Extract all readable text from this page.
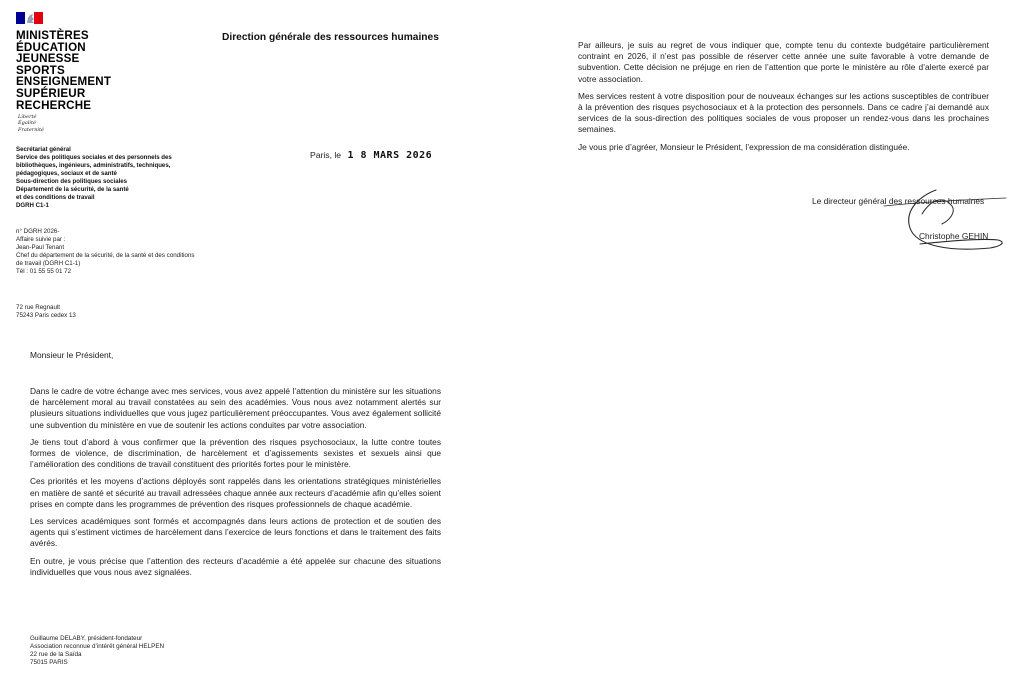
MINISTÈRES
ÉDUCATION
JEUNESSE
SPORTS
ENSEIGNEMENT
SUPÉRIEUR
RECHERCHE
Liberté
Égalité
Fraternité
Direction générale des ressources humaines
Secrétariat général
Service des politiques sociales et des personnels des
bibliothèques, ingénieurs, administratifs, techniques,
pédagogiques, sociaux et de santé
Sous-direction des politiques sociales
Département de la sécurité, de la santé
et des conditions de travail
DGRH C1-1
n° DGRH 2026-
Affaire suivie par :
Jean-Paul Tenant
Chef du département de la sécurité, de la santé et des conditions
de travail (DGRH C1-1)
Tél : 01 55 55 01 72
72 rue Regnault
75243 Paris cedex 13
Paris, le 1 8 MARS 2026
Monsieur le Président,

Dans le cadre de votre échange avec mes services, vous avez appelé l’attention du ministère sur les situations de harcèlement moral au travail constatées au sein des académies. Vous nous avez notamment alertés sur plusieurs situations individuelles que vous jugez particulièrement préoccupantes. Vous avez également sollicité une subvention du ministère en vue de soutenir les actions conduites par votre association.

Je tiens tout d’abord à vous confirmer que la prévention des risques psychosociaux, la lutte contre toutes formes de violence, de discrimination, de harcèlement et d’agissements sexistes et sexuels ainsi que l’amélioration des conditions de travail constituent des priorités fortes pour le ministère.

Ces priorités et les moyens d’actions déployés sont rappelés dans les orientations stratégiques ministérielles en matière de santé et sécurité au travail adressées chaque année aux recteurs d’académie afin qu’elles soient prises en compte dans les programmes de prévention des risques professionnels de chaque académie.

Les services académiques sont formés et accompagnés dans leurs actions de protection et de soutien des agents qui s’estiment victimes de harcèlement dans l’exercice de leurs fonctions et dans le traitement des faits avérés.

En outre, je vous précise que l’attention des recteurs d’académie a été appelée sur chacune des situations individuelles que vous nous avez signalées.

Par ailleurs, je suis au regret de vous indiquer que, compte tenu du contexte budgétaire particulièrement contraint en 2026, il n’est pas possible de réserver cette année une suite favorable à votre demande de subvention. Cette décision ne préjuge en rien de l’attention que porte le ministère au rôle d’alerte exercé par votre association.

Mes services restent à votre disposition pour de nouveaux échanges sur les actions susceptibles de contribuer à la prévention des risques psychosociaux et à la protection des personnels. Dans ce cadre j’ai demandé aux services de la sous-direction des politiques sociales de vous proposer un rendez-vous dans les prochaines semaines.

Je vous prie d’agréer, Monsieur le Président, l’expression de ma considération distinguée.

Le directeur général des ressources humaines
Christophe GEHIN
Guillaume DELABY, président-fondateur
Association reconnue d’intérêt général HELPEN
22 rue de la Saïda
75015 PARIS
